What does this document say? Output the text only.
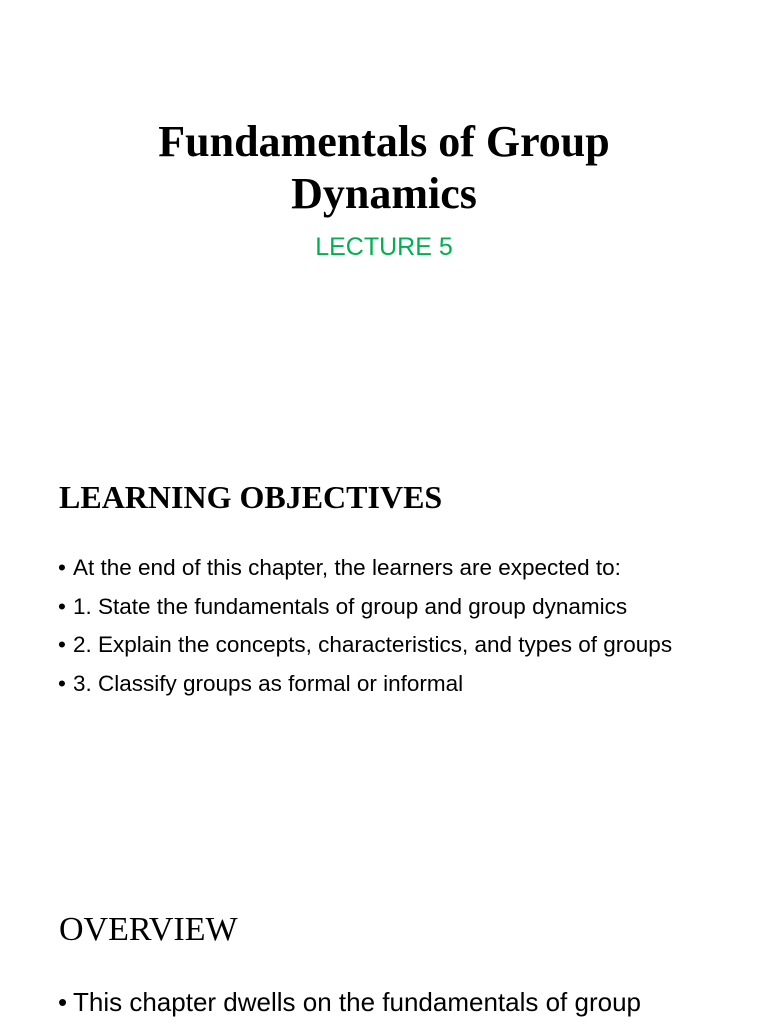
Fundamentals of Group
Dynamics
LECTURE 5
LEARNING OBJECTIVES
• At the end of this chapter, the learners are expected to:
• 1. State the fundamentals of group and group dynamics
• 2. Explain the concepts, characteristics, and types of groups
• 3. Classify groups as formal or informal
OVERVIEW
• This chapter dwells on the fundamentals of group
